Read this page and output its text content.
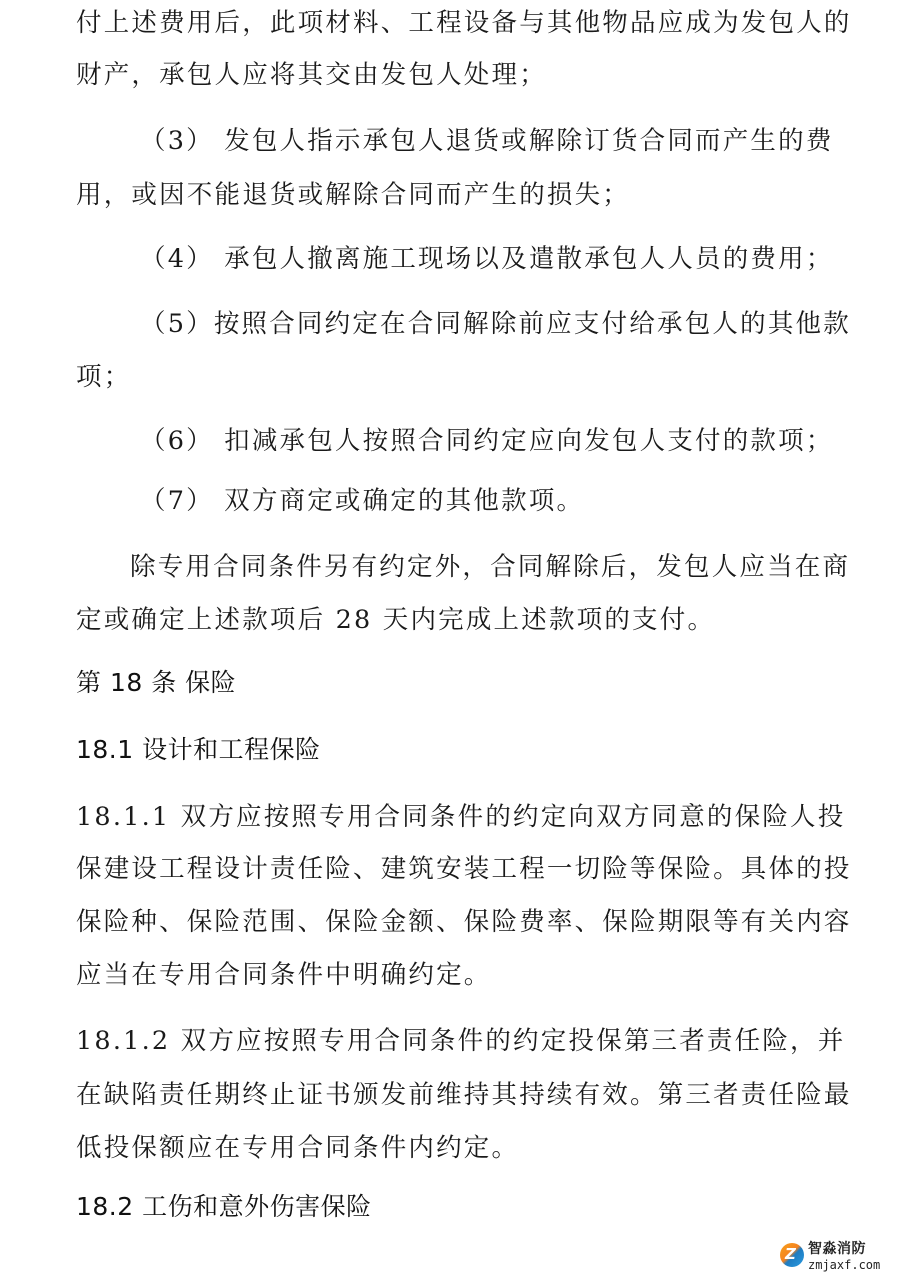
付上述费用后，此项材料、工程设备与其他物品应成为发包人的
财产，承包人应将其交由发包人处理；
（3） 发包人指示承包人退货或解除订货合同而产生的费
用，或因不能退货或解除合同而产生的损失；
（4） 承包人撤离施工现场以及遣散承包人人员的费用；
（5）按照合同约定在合同解除前应支付给承包人的其他款
项；
（6） 扣减承包人按照合同约定应向发包人支付的款项；
（7） 双方商定或确定的其他款项。
除专用合同条件另有约定外，合同解除后，发包人应当在商
定或确定上述款项后 28 天内完成上述款项的支付。
第 18 条 保险
18.1 设计和工程保险
18.1.1 双方应按照专用合同条件的约定向双方同意的保险人投
保建设工程设计责任险、建筑安装工程一切险等保险。具体的投
保险种、保险范围、保险金额、保险费率、保险期限等有关内容
应当在专用合同条件中明确约定。
18.1.2 双方应按照专用合同条件的约定投保第三者责任险，并
在缺陷责任期终止证书颁发前维持其持续有效。第三者责任险最
低投保额应在专用合同条件内约定。
18.2 工伤和意外伤害保险
Z
智淼消防
zmjaxf.com
